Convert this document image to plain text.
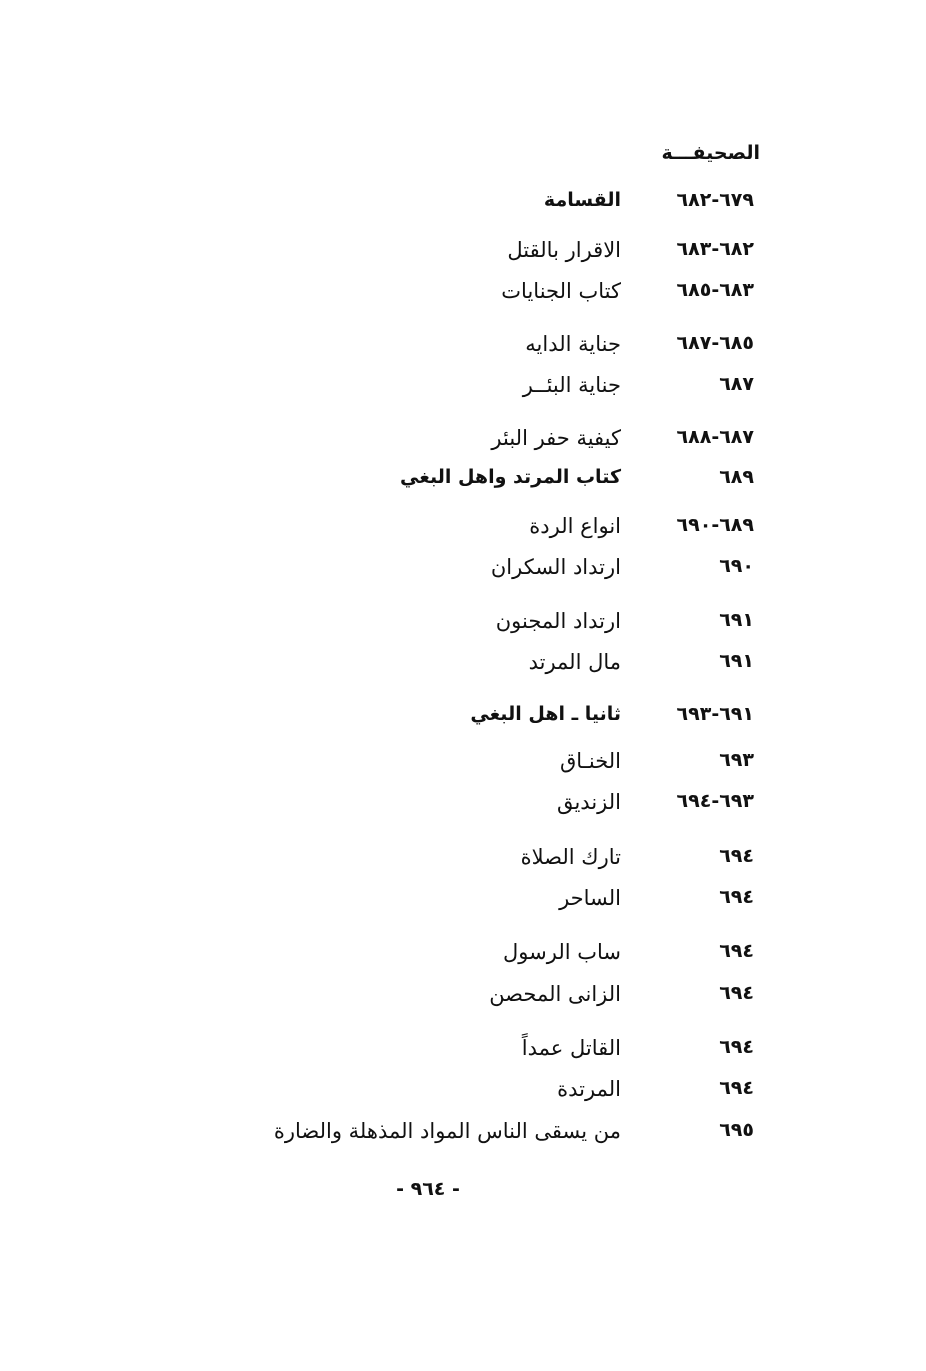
الصحيفـــة
٦٧٩-٦٨٢
القسامة
٦٨٢-٦٨٣
الاقرار بالقتل
٦٨٣-٦٨٥
كتاب الجنايات
٦٨٥-٦٨٧
جناية الدايه
٦٨٧
جناية البئــر
٦٨٧-٦٨٨
كيفية حفر البئر
٦٨٩
كتاب المرتد واهل البغي
٦٨٩-٦٩٠
انواع الردة
٦٩٠
ارتداد السكران
٦٩١
ارتداد المجنون
٦٩١
مال المرتد
٦٩١-٦٩٣
ثانيا ـ اهل البغي
٦٩٣
الخنـاق
٦٩٣-٦٩٤
الزنديق
٦٩٤
تارك الصلاة
٦٩٤
الساحر
٦٩٤
ساب الرسول
٦٩٤
الزانى المحصن
٦٩٤
القاتل عمداً
٦٩٤
المرتدة
٦٩٥
من يسقى الناس المواد المذهلة والضارة
- ٩٦٤ -
